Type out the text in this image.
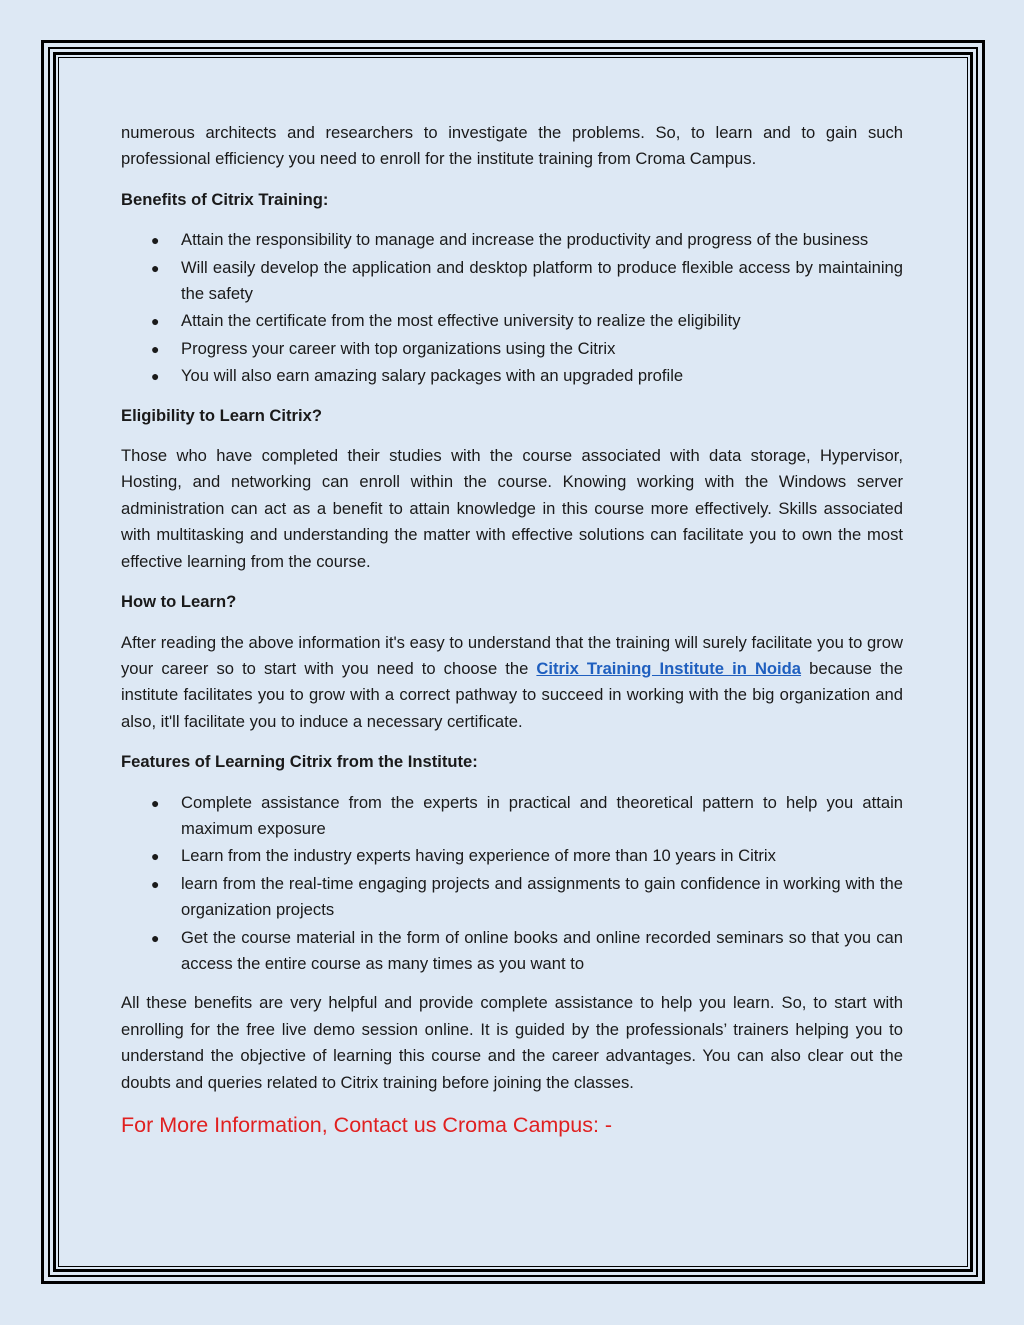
numerous architects and researchers to investigate the problems. So, to learn and to gain such professional efficiency you need to enroll for the institute training from Croma Campus.

Benefits of Citrix Training:
● Attain the responsibility to manage and increase the productivity and progress of the business
● Will easily develop the application and desktop platform to produce flexible access by maintaining the safety
● Attain the certificate from the most effective university to realize the eligibility
● Progress your career with top organizations using the Citrix
● You will also earn amazing salary packages with an upgraded profile
Eligibility to Learn Citrix?

Those who have completed their studies with the course associated with data storage, Hypervisor, Hosting, and networking can enroll within the course. Knowing working with the Windows server administration can act as a benefit to attain knowledge in this course more effectively. Skills associated with multitasking and understanding the matter with effective solutions can facilitate you to own the most effective learning from the course.

How to Learn?

After reading the above information it's easy to understand that the training will surely facilitate you to grow your career so to start with you need to choose the Citrix Training Institute in Noida because the institute facilitates you to grow with a correct pathway to succeed in working with the big organization and also, it'll facilitate you to induce a necessary certificate.

Features of Learning Citrix from the Institute:
● Complete assistance from the experts in practical and theoretical pattern to help you attain maximum exposure
● Learn from the industry experts having experience of more than 10 years in Citrix
● learn from the real-time engaging projects and assignments to gain confidence in working with the organization projects
● Get the course material in the form of online books and online recorded seminars so that you can access the entire course as many times as you want to

All these benefits are very helpful and provide complete assistance to help you learn. So, to start with enrolling for the free live demo session online. It is guided by the professionals’ trainers helping you to understand the objective of learning this course and the career advantages. You can also clear out the doubts and queries related to Citrix training before joining the classes.

For More Information, Contact us Croma Campus: -
